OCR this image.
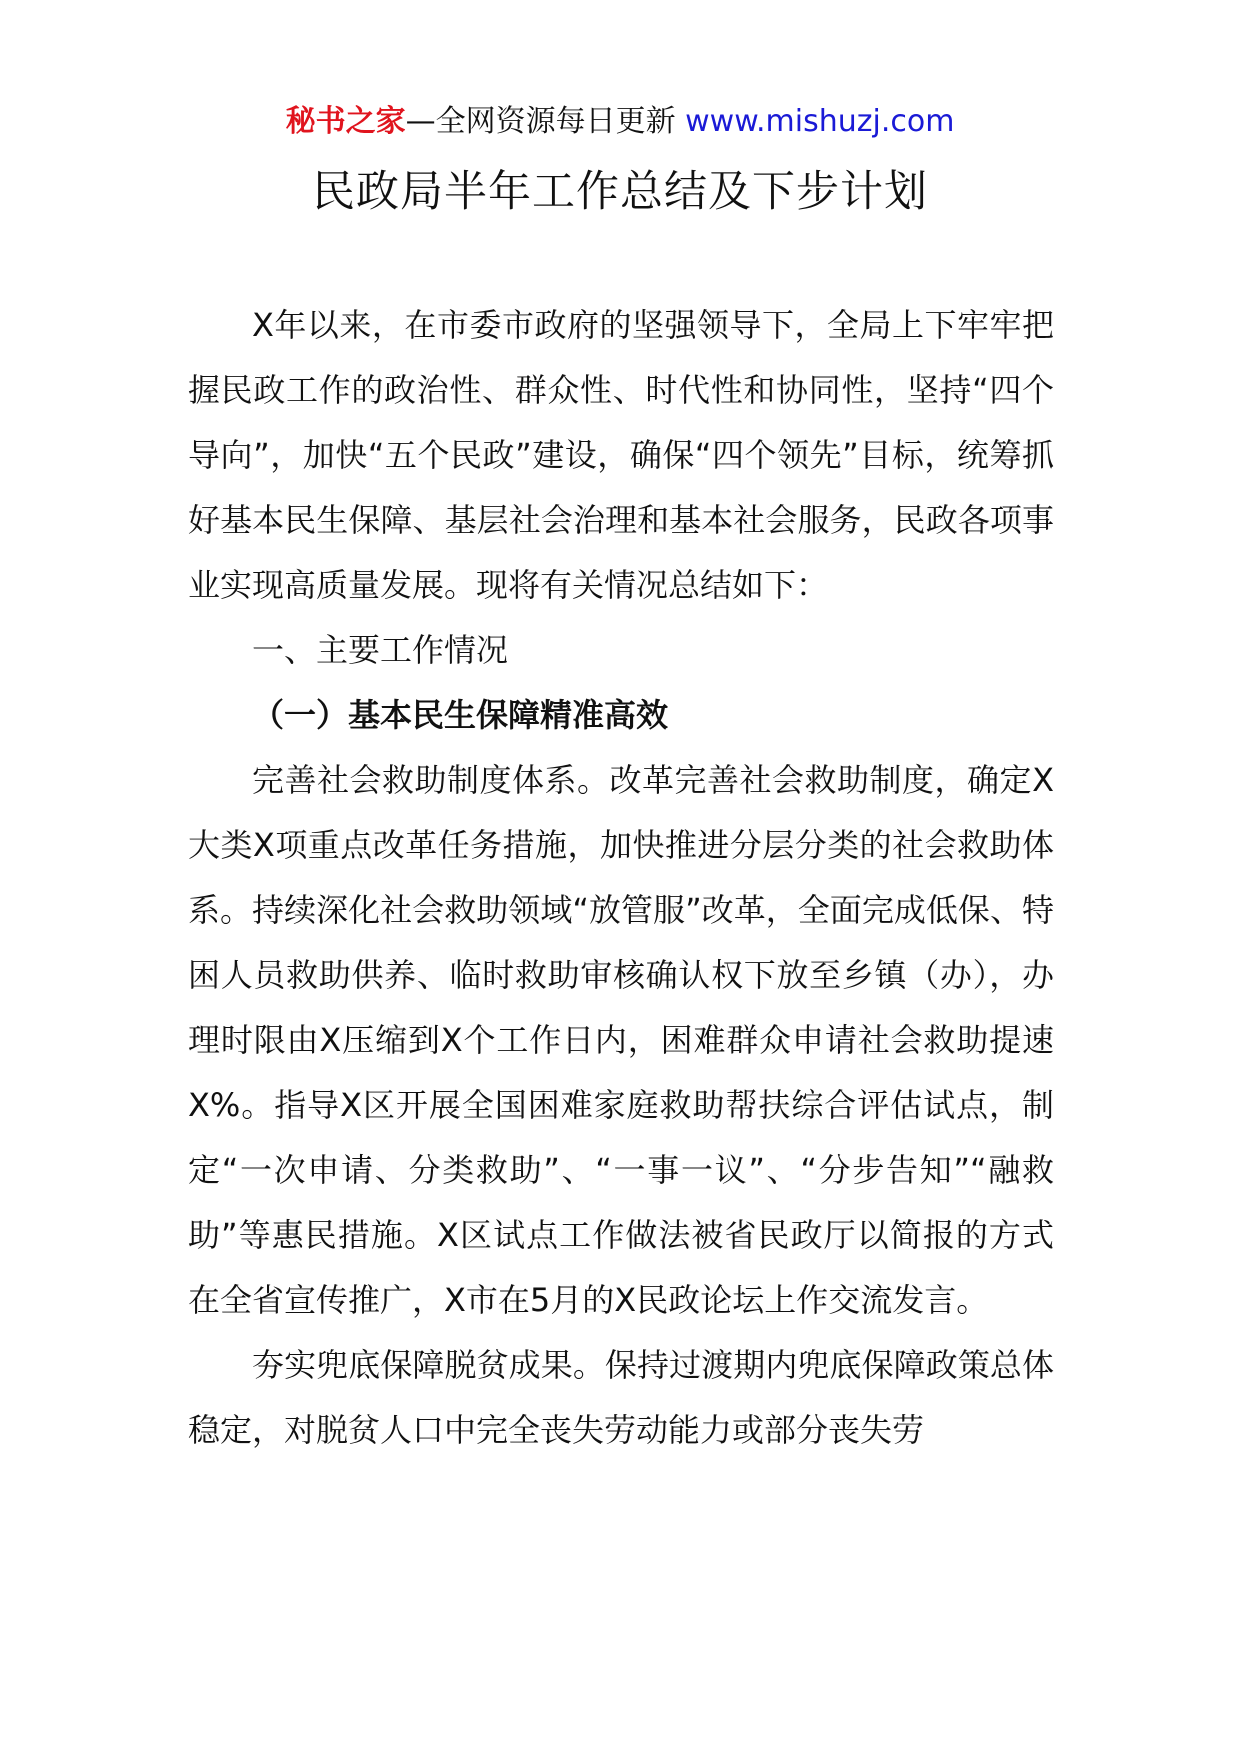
秘书之家—全网资源每日更新 www.mishuzj.com
民政局半年工作总结及下步计划

X年以来，在市委市政府的坚强领导下，全局上下牢牢把握民政工作的政治性、群众性、时代性和协同性，坚持“四个导向”，加快“五个民政”建设，确保“四个领先”目标，统筹抓好基本民生保障、基层社会治理和基本社会服务，民政各项事业实现高质量发展。现将有关情况总结如下：

一、主要工作情况

（一）基本民生保障精准高效

完善社会救助制度体系。改革完善社会救助制度，确定X大类X项重点改革任务措施，加快推进分层分类的社会救助体系。持续深化社会救助领域“放管服”改革，全面完成低保、特困人员救助供养、临时救助审核确认权下放至乡镇（办），办理时限由X压缩到X个工作日内，困难群众申请社会救助提速X%。指导X区开展全国困难家庭救助帮扶综合评估试点，制定“一次申请、分类救助”、“一事一议”、“分步告知”“融救助”等惠民措施。X区试点工作做法被省民政厅以简报的方式在全省宣传推广，X市在5月的X民政论坛上作交流发言。

夯实兜底保障脱贫成果。保持过渡期内兜底保障政策总体稳定，对脱贫人口中完全丧失劳动能力或部分丧失劳
